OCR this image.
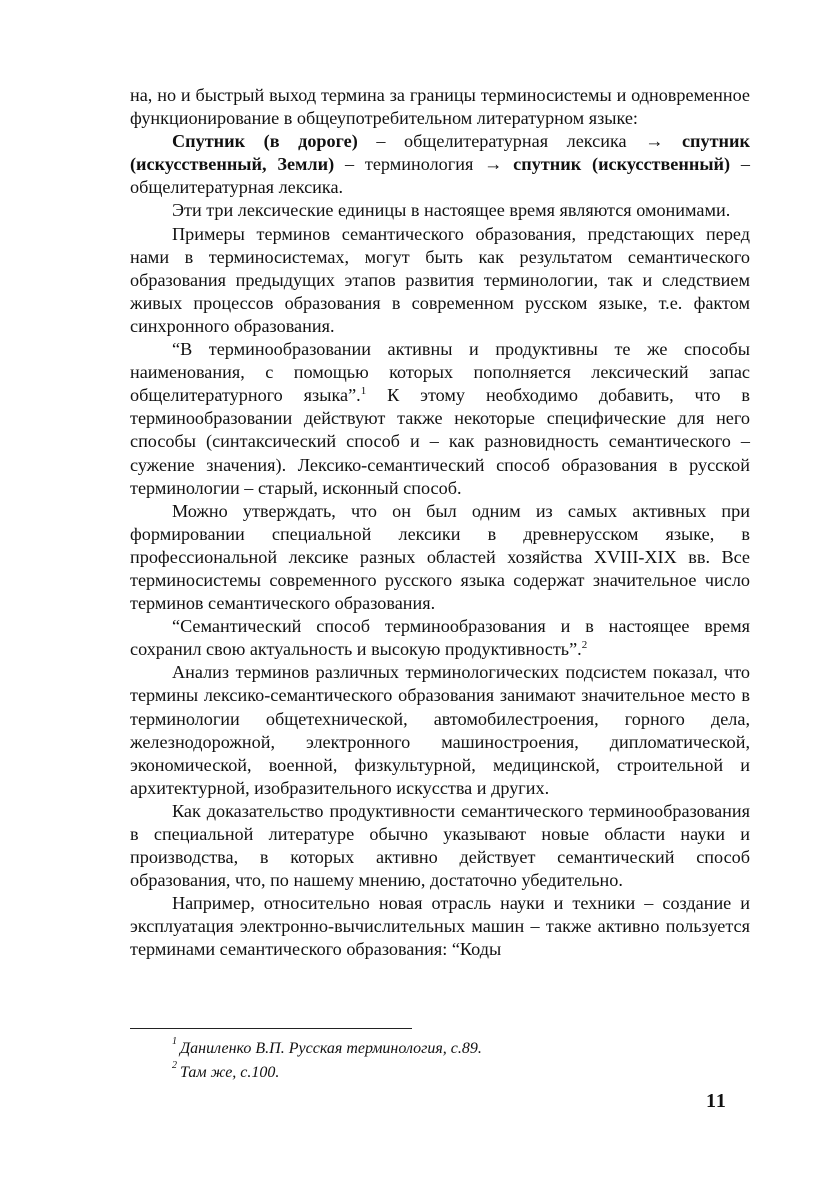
на, но и быстрый выход термина за границы терминосистемы и одновременное функционирование в общеупотребительном литературном языке:

Спутник (в дороге) – общелитературная лексика → спутник (искусственный, Земли) – терминология → спутник (искусственный) – общелитературная лексика.

Эти три лексические единицы в настоящее время являются омонимами.

Примеры терминов семантического образования, предстающих перед нами в терминосистемах, могут быть как результатом семантического образования предыдущих этапов развития терминологии, так и следствием живых процессов образования в современном русском языке, т.е. фактом синхронного образования.

“В терминообразовании активны и продуктивны те же способы наименования, с помощью которых пополняется лексический запас общелитературного языка”.$^1$ К этому необходимо добавить, что в терминообразовании действуют также некоторые специфические для него способы (синтаксический способ и – как разновидность семантического – сужение значения). Лексико-семантический способ образования в русской терминологии – старый, исконный способ.

Можно утверждать, что он был одним из самых активных при формировании специальной лексики в древнерусском языке, в профессиональной лексике разных областей хозяйства XVIII-XIX вв. Все терминосистемы современного русского языка содержат значительное число терминов семантического образования.

“Семантический способ терминообразования и в настоящее время сохранил свою актуальность и высокую продуктивность”.$^2$

Анализ терминов различных терминологических подсистем показал, что термины лексико-семантического образования занимают значительное место в терминологии общетехнической, автомобилестроения, горного дела, железнодорожной, электронного машиностроения, дипломатической, экономической, военной, физкультурной, медицинской, строительной и архитектурной, изобразительного искусства и других.

Как доказательство продуктивности семантического терминообразования в специальной литературе обычно указывают новые области науки и производства, в которых активно действует семантический способ образования, что, по нашему мнению, достаточно убедительно.

Например, относительно новая отрасль науки и техники – создание и эксплуатация электронно-вычислительных машин – также активно пользуется терминами семантического образования: “Коды

$^1$ Даниленко В.П. Русская терминология, с.89.

$^2$ Там же, с.100.

11
